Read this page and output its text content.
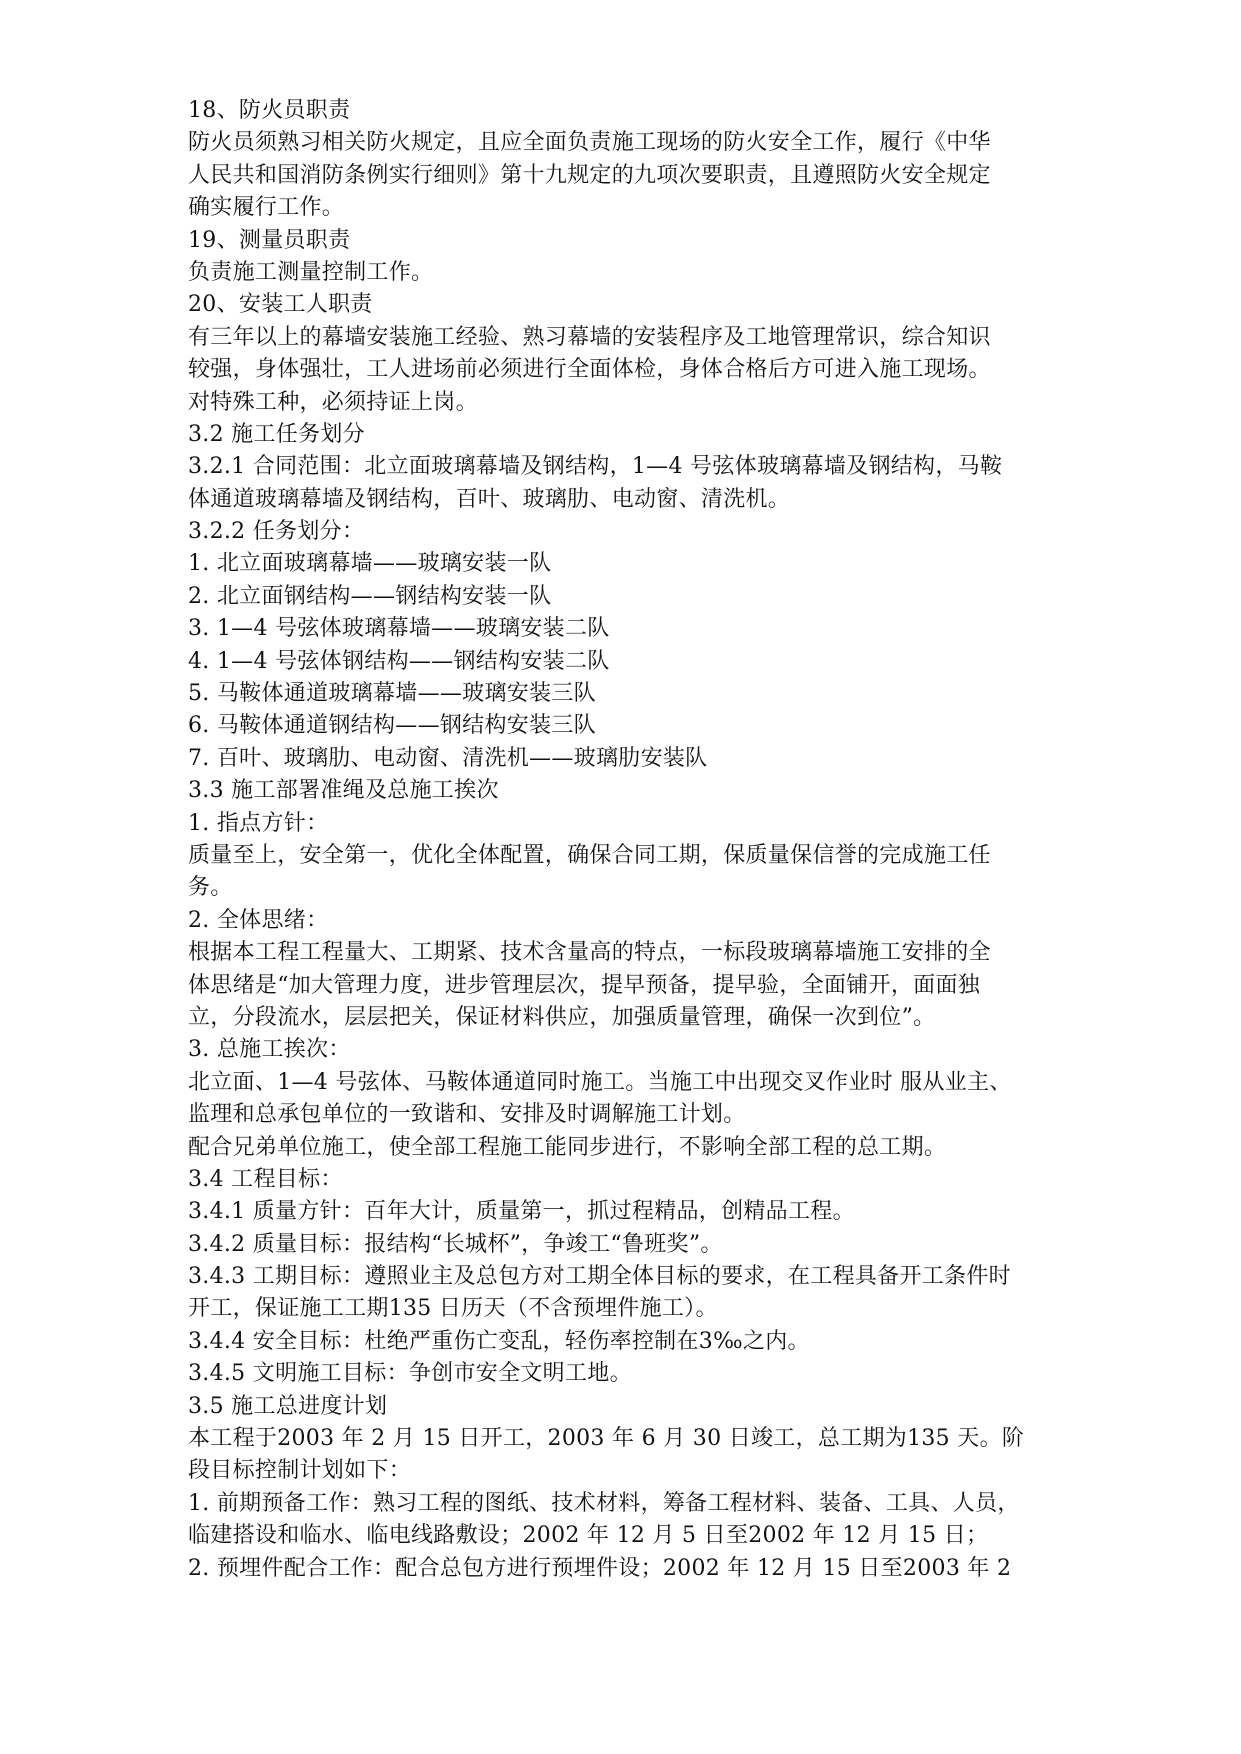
18、防火员职责
防火员须熟习相关防火规定，且应全面负责施工现场的防火安全工作，履行《中华
人民共和国消防条例实行细则》第十九规定的九项次要职责，且遵照防火安全规定
确实履行工作。
19、测量员职责
负责施工测量控制工作。
20、安装工人职责
有三年以上的幕墙安装施工经验、熟习幕墙的安装程序及工地管理常识，综合知识
较强，身体强壮，工人进场前必须进行全面体检，身体合格后方可进入施工现场。
对特殊工种，必须持证上岗。
3.2 施工任务划分
3.2.1 合同范围：北立面玻璃幕墙及钢结构，1—4 号弦体玻璃幕墙及钢结构，马鞍
体通道玻璃幕墙及钢结构，百叶、玻璃肋、电动窗、清洗机。
3.2.2 任务划分：
1. 北立面玻璃幕墙——玻璃安装一队
2. 北立面钢结构——钢结构安装一队
3. 1—4 号弦体玻璃幕墙——玻璃安装二队
4. 1—4 号弦体钢结构——钢结构安装二队
5. 马鞍体通道玻璃幕墙——玻璃安装三队
6. 马鞍体通道钢结构——钢结构安装三队
7. 百叶、玻璃肋、电动窗、清洗机——玻璃肋安装队
3.3 施工部署准绳及总施工挨次
1. 指点方针：
质量至上，安全第一，优化全体配置，确保合同工期，保质量保信誉的完成施工任
务。
2. 全体思绪：
根据本工程工程量大、工期紧、技术含量高的特点，一标段玻璃幕墙施工安排的全
体思绪是“加大管理力度，进步管理层次，提早预备，提早验，全面铺开，面面独
立，分段流水，层层把关，保证材料供应，加强质量管理，确保一次到位”。
3. 总施工挨次：
北立面、1—4 号弦体、马鞍体通道同时施工。当施工中出现交叉作业时 服从业主、
监理和总承包单位的一致谐和、安排及时调解施工计划。
配合兄弟单位施工，使全部工程施工能同步进行，不影响全部工程的总工期。
3.4 工程目标：
3.4.1 质量方针：百年大计，质量第一，抓过程精品，创精品工程。
3.4.2 质量目标：报结构“长城杯”，争竣工“鲁班奖”。
3.4.3 工期目标：遵照业主及总包方对工期全体目标的要求，在工程具备开工条件时
开工，保证施工工期135 日历天（不含预埋件施工）。
3.4.4 安全目标：杜绝严重伤亡变乱，轻伤率控制在3‰之内。
3.4.5 文明施工目标：争创市安全文明工地。
3.5 施工总进度计划
本工程于2003 年 2 月 15 日开工，2003 年 6 月 30 日竣工，总工期为135 天。阶
段目标控制计划如下：
1. 前期预备工作：熟习工程的图纸、技术材料，筹备工程材料、装备、工具、人员，
临建搭设和临水、临电线路敷设；2002 年 12 月 5 日至2002 年 12 月 15 日；
2. 预埋件配合工作：配合总包方进行预埋件设；2002 年 12 月 15 日至2003 年 2
